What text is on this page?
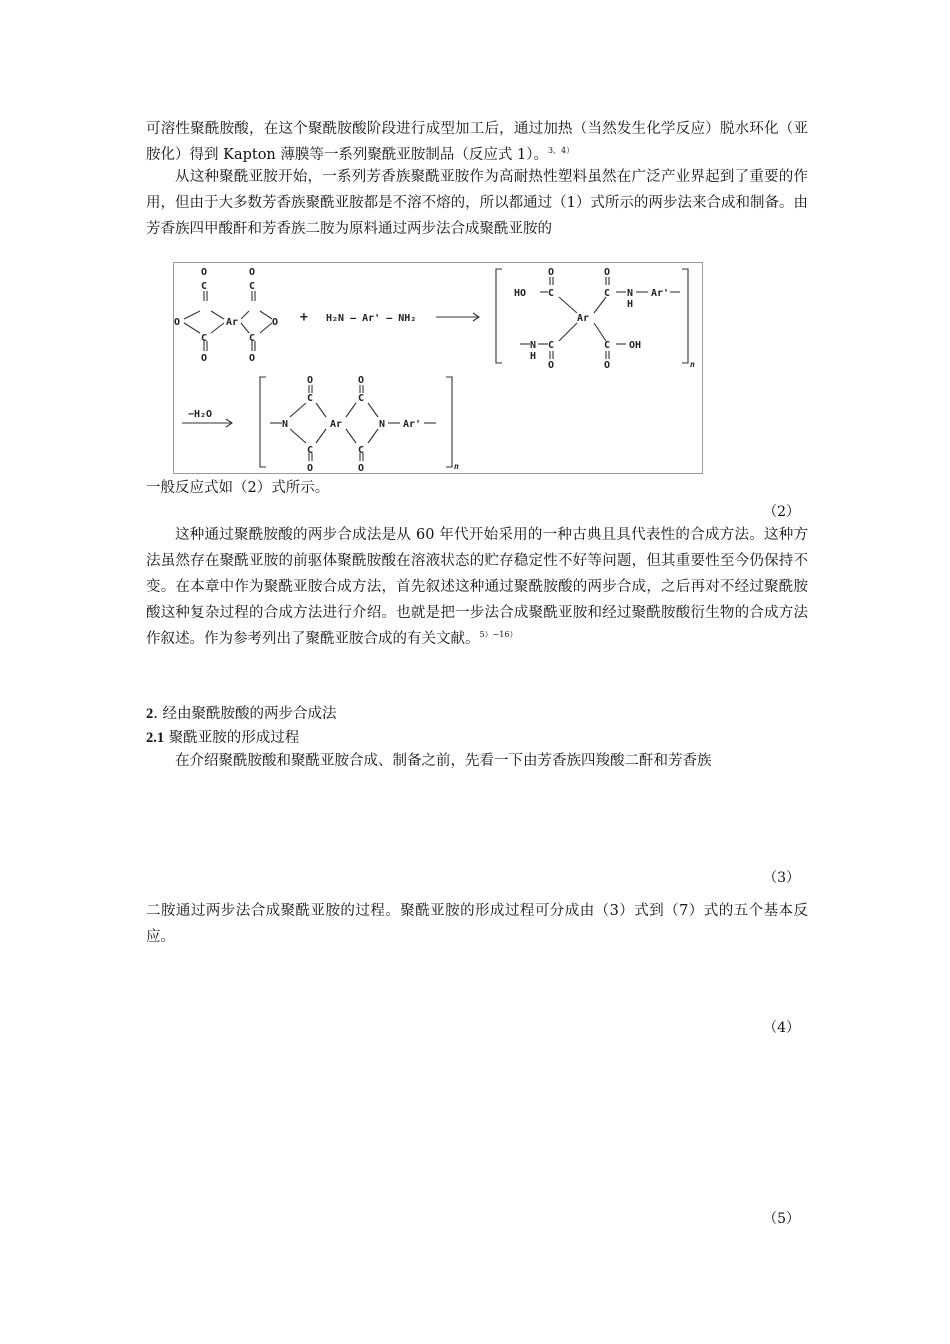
可溶性聚酰胺酸，在这个聚酰胺酸阶段进行成型加工后，通过加热（当然发生化学反应）脱水环化（亚胺化）得到 Kapton 薄膜等一系列聚酰亚胺制品（反应式 1）。$^{3、4)}$

从这种聚酰亚胺开始，一系列芳香族聚酰亚胺作为高耐热性塑料虽然在广泛产业界起到了重要的作用，但由于大多数芳香族聚酰亚胺都是不溶不熔的，所以都通过（1）式所示的两步法来合成和制备。由芳香族四甲酸酐和芳香族二胺为原料通过两步法合成聚酰亚胺的

O	O
C	C
O	Ar	O
C	C
O	O
+ H₂N — Ar' — NH₂
O	O
HO C	C N
H
Ar'
Ar
N
H
C	C OH
O	O	n
−H₂O
O	O
C	C
N	Ar	N Ar'
C	C
O	O	n

一般反应式如（2）式所示。

（2）

这种通过聚酰胺酸的两步合成法是从 60 年代开始采用的一种古典且具代表性的合成方法。这种方法虽然存在聚酰亚胺的前驱体聚酰胺酸在溶液状态的贮存稳定性不好等问题，但其重要性至今仍保持不变。在本章中作为聚酰亚胺合成方法，首先叙述这种通过聚酰胺酸的两步合成，之后再对不经过聚酰胺酸这种复杂过程的合成方法进行介绍。也就是把一步法合成聚酰亚胺和经过聚酰胺酸衍生物的合成方法作叙述。作为参考列出了聚酰亚胺合成的有关文献。$^{5)\sim 16)}$

2. 经由聚酰胺酸的两步合成法

2.1 聚酰亚胺的形成过程

在介绍聚酰胺酸和聚酰亚胺合成、制备之前，先看一下由芳香族四羧酸二酐和芳香族

（3）

二胺通过两步法合成聚酰亚胺的过程。聚酰亚胺的形成过程可分成由（3）式到（7）式的五个基本反应。

（4）
（5）
